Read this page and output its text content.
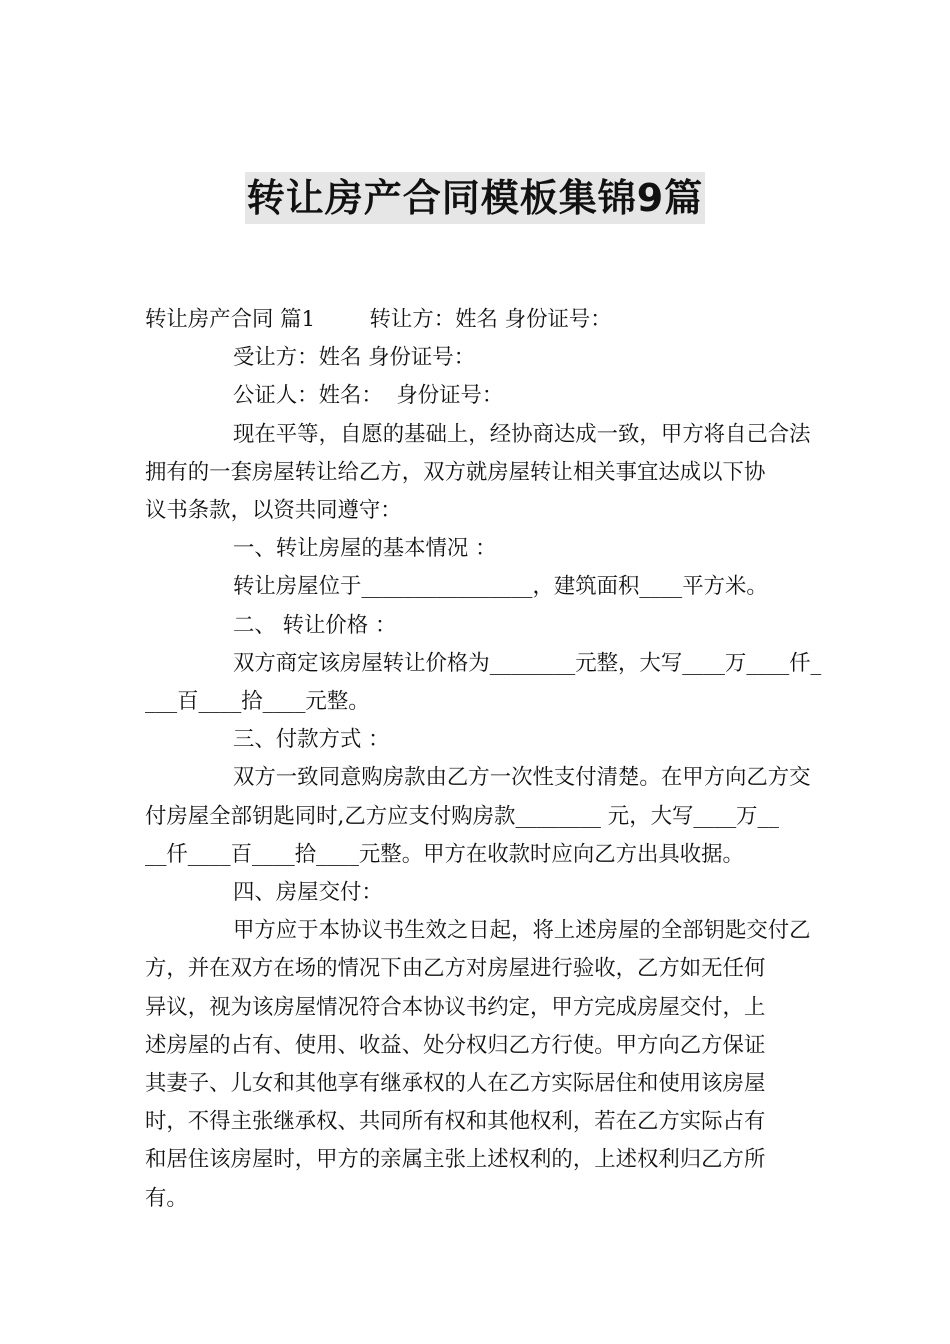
转让房产合同模板集锦9篇
转让房产合同 篇1        转让方：姓名 身份证号：
受让方：姓名 身份证号：
公证人：姓名：  身份证号：
现在平等，自愿的基础上，经协商达成一致，甲方将自己合法
拥有的一套房屋转让给乙方，双方就房屋转让相关事宜达成以下协
议书条款，以资共同遵守：
一、转让房屋的基本情况 ：
转让房屋位于________________，建筑面积____平方米。
二、 转让价格 ：
双方商定该房屋转让价格为________元整，大写____万____仟_
___百____拾____元整。
三、付款方式 ：
双方一致同意购房款由乙方一次性支付清楚。在甲方向乙方交
付房屋全部钥匙同时,乙方应支付购房款________ 元，大写____万__
__仟____百____拾____元整。甲方在收款时应向乙方出具收据。
四、房屋交付：
甲方应于本协议书生效之日起，将上述房屋的全部钥匙交付乙
方，并在双方在场的情况下由乙方对房屋进行验收，乙方如无任何
异议，视为该房屋情况符合本协议书约定，甲方完成房屋交付，上
述房屋的占有、使用、收益、处分权归乙方行使。甲方向乙方保证
其妻子、儿女和其他享有继承权的人在乙方实际居住和使用该房屋
时，不得主张继承权、共同所有权和其他权利，若在乙方实际占有
和居住该房屋时，甲方的亲属主张上述权利的，上述权利归乙方所
有。
